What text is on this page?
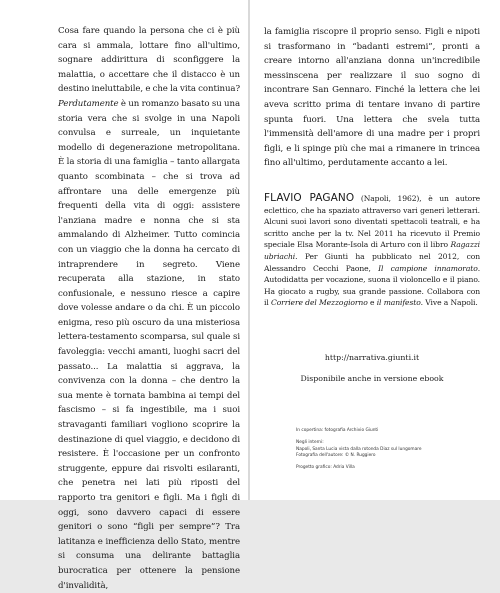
Cosa fare quando la persona che ci è più cara si ammala, lottare fino all'ultimo, sognare addirittura di sconfiggere la malattia, o accettare che il distacco è un destino ineluttabile, e che la vita continua? Perdutamente è un romanzo basato su una storia vera che si svolge in una Napoli convulsa e surreale, un inquietante modello di degenerazione metropolitana. È la storia di una famiglia – tanto allargata quanto scombinata – che si trova ad affrontare una delle emergenze più frequenti della vita di oggi: assistere l'anziana madre e nonna che si sta ammalando di Alzheimer. Tutto comincia con un viaggio che la donna ha cercato di intraprendere in segreto. Viene recuperata alla stazione, in stato confusionale, e nessuno riesce a capire dove volesse andare o da chi. È un piccolo enigma, reso più oscuro da una misteriosa lettera-testamento scomparsa, sul quale si favoleggia: vecchi amanti, luoghi sacri del passato... La malattia si aggrava, la convivenza con la donna – che dentro la sua mente è tornata bambina ai tempi del fascismo – si fa ingestibile, ma i suoi stravaganti familiari vogliono scoprire la destinazione di quel viaggio, e decidono di resistere. È l'occasione per un confronto struggente, eppure dai risvolti esilaranti, che penetra nei lati più riposti del rapporto tra genitori e figli. Ma i figli di oggi, sono davvero capaci di essere genitori o sono “figli per sempre”? Tra latitanza e inefficienza dello Stato, mentre si consuma una delirante battaglia burocratica per ottenere la pensione d'invalidità,

la famiglia riscopre il proprio senso. Figli e nipoti si trasformano in “badanti estremi”, pronti a creare intorno all'anziana donna un'incredibile messinscena per realizzare il suo sogno di incontrare San Gennaro. Finché la lettera che lei aveva scritto prima di tentare invano di partire spunta fuori. Una lettera che svela tutta l'immensità dell'amore di una madre per i propri figli, e li spinge più che mai a rimanere in trincea fino all'ultimo, perdutamente accanto a lei.

FLAVIO PAGANO (Napoli, 1962), è un autore eclettico, che ha spaziato attraverso vari generi letterari. Alcuni suoi lavori sono diventati spettacoli teatrali, e ha scritto anche per la tv. Nel 2011 ha ricevuto il Premio speciale Elsa Morante-Isola di Arturo con il libro Ragazzi ubriachi. Per Giunti ha pubblicato nel 2012, con Alessandro Cecchi Paone, Il campione innamorato. Autodidatta per vocazione, suona il violoncello e il piano. Ha giocato a rugby, sua grande passione. Collabora con il Corriere del Mezzogiorno e il manifesto. Vive a Napoli.
http://narrativa.giunti.it
Disponibile anche in versione ebook
In copertina: fotografia Archivio Giunti
Negli interni:
Napoli, Santa Lucia vista dalla rotonda Diaz sul lungomare
Fotografia dell'autore: © N. Ruggiero
Progetto grafico: Adria Villa
